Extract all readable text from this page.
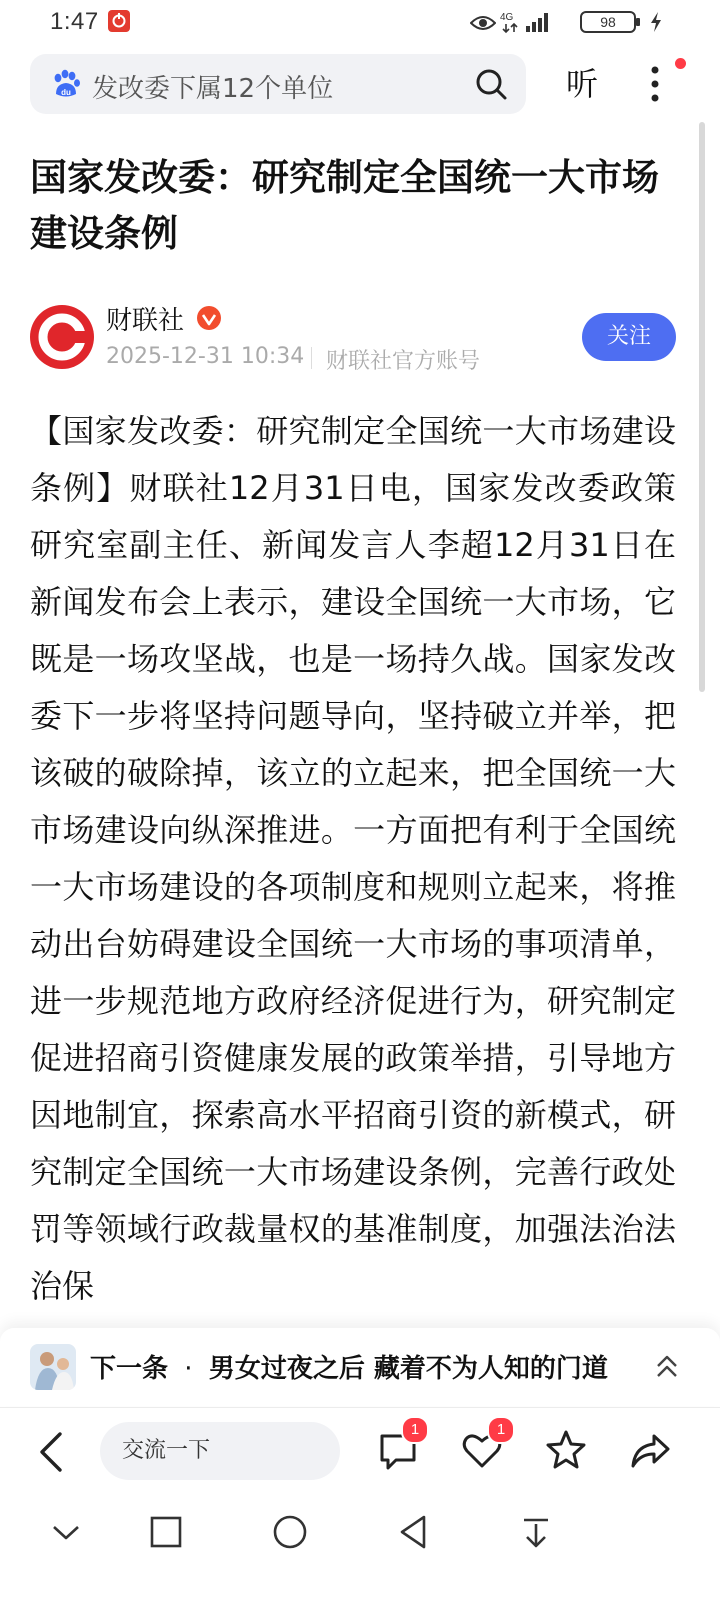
1:47	4G	98
du 发改委下属12个单位	听
国家发改委：研究制定全国统一大市场建设条例
财联社
2025-12-31 10:34 财联社官方账号
关注

【国家发改委：研究制定全国统一大市场建设条例】财联社12月31日电，国家发改委政策研究室副主任、新闻发言人李超12月31日在新闻发布会上表示，建设全国统一大市场，它既是一场攻坚战，也是一场持久战。国家发改委下一步将坚持问题导向，坚持破立并举，把该破的破除掉，该立的立起来，把全国统一大市场建设向纵深推进。一方面把有利于全国统一大市场建设的各项制度和规则立起来，将推动出台妨碍建设全国统一大市场的事项清单，进一步规范地方政府经济促进行为，研究制定促进招商引资健康发展的政策举措，引导地方因地制宜，探索高水平招商引资的新模式，研究制定全国统一大市场建设条例，完善行政处罚等领域行政裁量权的基准制度，加强法治法治保

下一条 · 男女过夜之后 藏着不为人知的门道
交流一下
1	1
